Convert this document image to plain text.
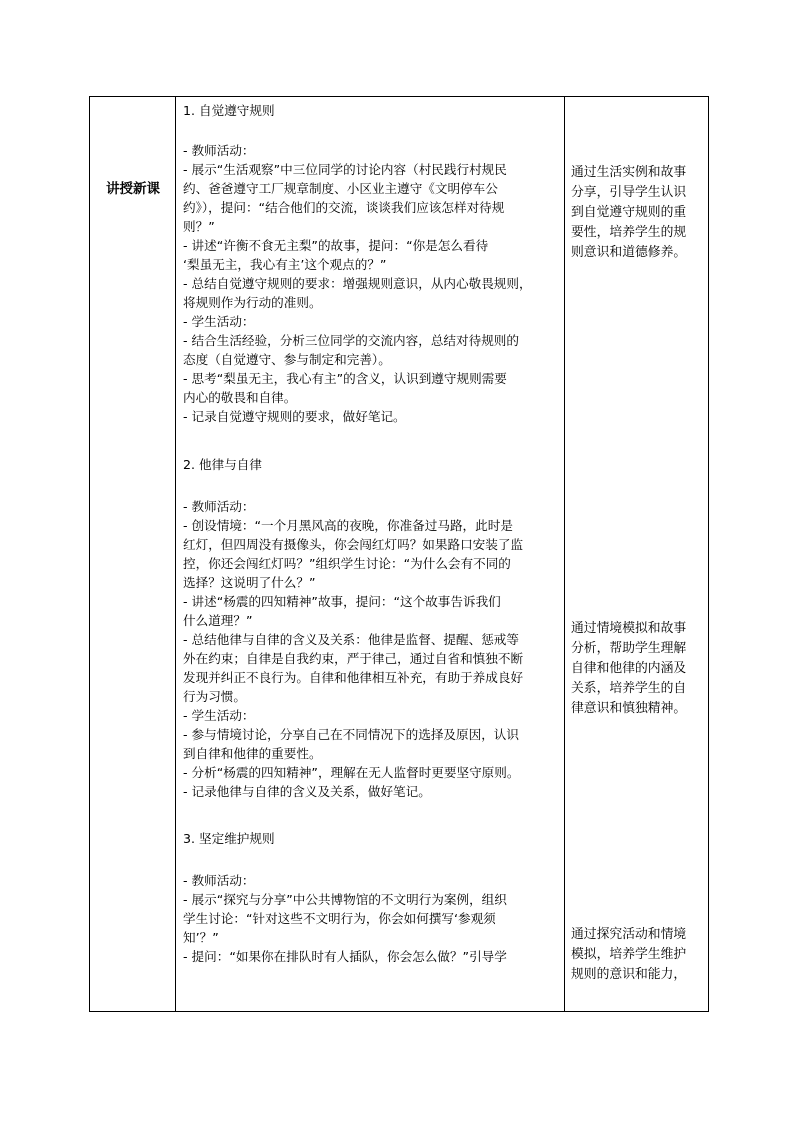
讲授新课
1. 自觉遵守规则
- 教师活动：
- 展示“生活观察”中三位同学的讨论内容（村民践行村规民
约、爸爸遵守工厂规章制度、小区业主遵守《文明停车公
约》），提问：“结合他们的交流，谈谈我们应该怎样对待规
则？”
- 讲述“许衡不食无主梨”的故事，提问：“你是怎么看待
‘梨虽无主，我心有主’这个观点的？”
- 总结自觉遵守规则的要求：增强规则意识，从内心敬畏规则，
将规则作为行动的准则。
- 学生活动：
- 结合生活经验，分析三位同学的交流内容，总结对待规则的
态度（自觉遵守、参与制定和完善）。
- 思考“梨虽无主，我心有主”的含义，认识到遵守规则需要
内心的敬畏和自律。
- 记录自觉遵守规则的要求，做好笔记。
2. 他律与自律
- 教师活动：
- 创设情境：“一个月黑风高的夜晚，你准备过马路，此时是
红灯，但四周没有摄像头，你会闯红灯吗？如果路口安装了监
控，你还会闯红灯吗？”组织学生讨论：“为什么会有不同的
选择？这说明了什么？”
- 讲述“杨震的四知精神”故事，提问：“这个故事告诉我们
什么道理？”
- 总结他律与自律的含义及关系：他律是监督、提醒、惩戒等
外在约束；自律是自我约束，严于律己，通过自省和慎独不断
发现并纠正不良行为。自律和他律相互补充，有助于养成良好
行为习惯。
- 学生活动：
- 参与情境讨论，分享自己在不同情况下的选择及原因，认识
到自律和他律的重要性。
- 分析“杨震的四知精神”，理解在无人监督时更要坚守原则。
- 记录他律与自律的含义及关系，做好笔记。
3. 坚定维护规则
- 教师活动：
- 展示“探究与分享”中公共博物馆的不文明行为案例，组织
学生讨论：“针对这些不文明行为，你会如何撰写‘参观须
知’？”
- 提问：“如果你在排队时有人插队，你会怎么做？”引导学
通过生活实例和故事
分享，引导学生认识
到自觉遵守规则的重
要性，培养学生的规
则意识和道德修养。
通过情境模拟和故事
分析，帮助学生理解
自律和他律的内涵及
关系，培养学生的自
律意识和慎独精神。
通过探究活动和情境
模拟，培养学生维护
规则的意识和能力，
